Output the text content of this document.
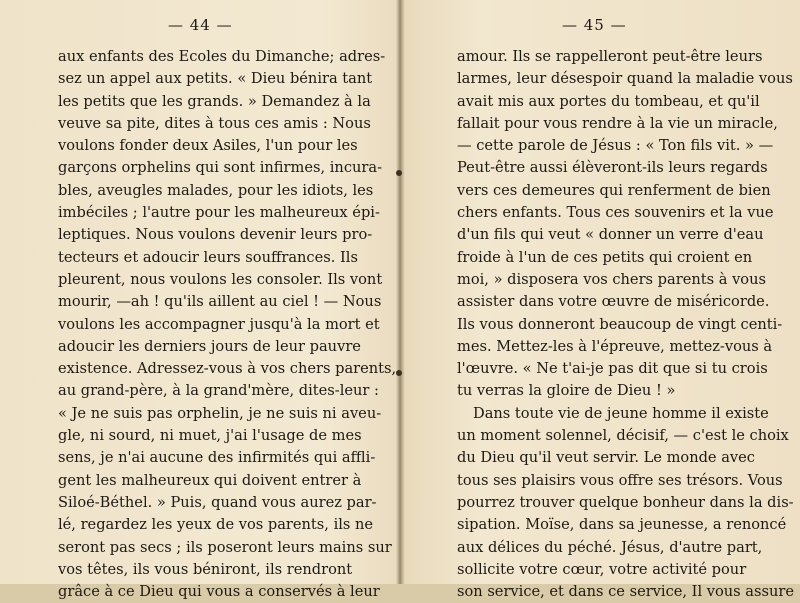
— 44 —
aux enfants des Ecoles du Dimanche; adres-
sez un appel aux petits. « Dieu bénira tant
les petits que les grands. » Demandez à la
veuve sa pite, dites à tous ces amis : Nous
voulons fonder deux Asiles, l'un pour les
garçons orphelins qui sont infirmes, incura-
bles, aveugles malades, pour les idiots, les
imbéciles ; l'autre pour les malheureux épi-
leptiques. Nous voulons devenir leurs pro-
tecteurs et adoucir leurs souffrances. Ils
pleurent, nous voulons les consoler. Ils vont
mourir, —ah ! qu'ils aillent au ciel ! — Nous
voulons les accompagner jusqu'à la mort et
adoucir les derniers jours de leur pauvre
existence. Adressez-vous à vos chers parents,
au grand-père, à la grand'mère, dites-leur :
« Je ne suis pas orphelin, je ne suis ni aveu-
gle, ni sourd, ni muet, j'ai l'usage de mes
sens, je n'ai aucune des infirmités qui affli-
gent les malheureux qui doivent entrer à
Siloé-Béthel. » Puis, quand vous aurez par-
lé, regardez les yeux de vos parents, ils ne
seront pas secs ; ils poseront leurs mains sur
vos têtes, ils vous béniront, ils rendront
grâce à ce Dieu qui vous a conservés à leur
— 45 —
amour. Ils se rappelleront peut-être leurs
larmes, leur désespoir quand la maladie vous
avait mis aux portes du tombeau, et qu'il
fallait pour vous rendre à la vie un miracle,
— cette parole de Jésus : « Ton fils vit. » —
Peut-être aussi élèveront-ils leurs regards
vers ces demeures qui renferment de bien
chers enfants. Tous ces souvenirs et la vue
d'un fils qui veut « donner un verre d'eau
froide à l'un de ces petits qui croient en
moi, » disposera vos chers parents à vous
assister dans votre œuvre de miséricorde.
Ils vous donneront beaucoup de vingt centi-
mes. Mettez-les à l'épreuve, mettez-vous à
l'œuvre. « Ne t'ai-je pas dit que si tu crois
tu verras la gloire de Dieu ! »
Dans toute vie de jeune homme il existe
un moment solennel, décisif, — c'est le choix
du Dieu qu'il veut servir. Le monde avec
tous ses plaisirs vous offre ses trésors. Vous
pourrez trouver quelque bonheur dans la dis-
sipation. Moïse, dans sa jeunesse, a renoncé
aux délices du péché. Jésus, d'autre part,
sollicite votre cœur, votre activité pour
son service, et dans ce service, Il vous assure
